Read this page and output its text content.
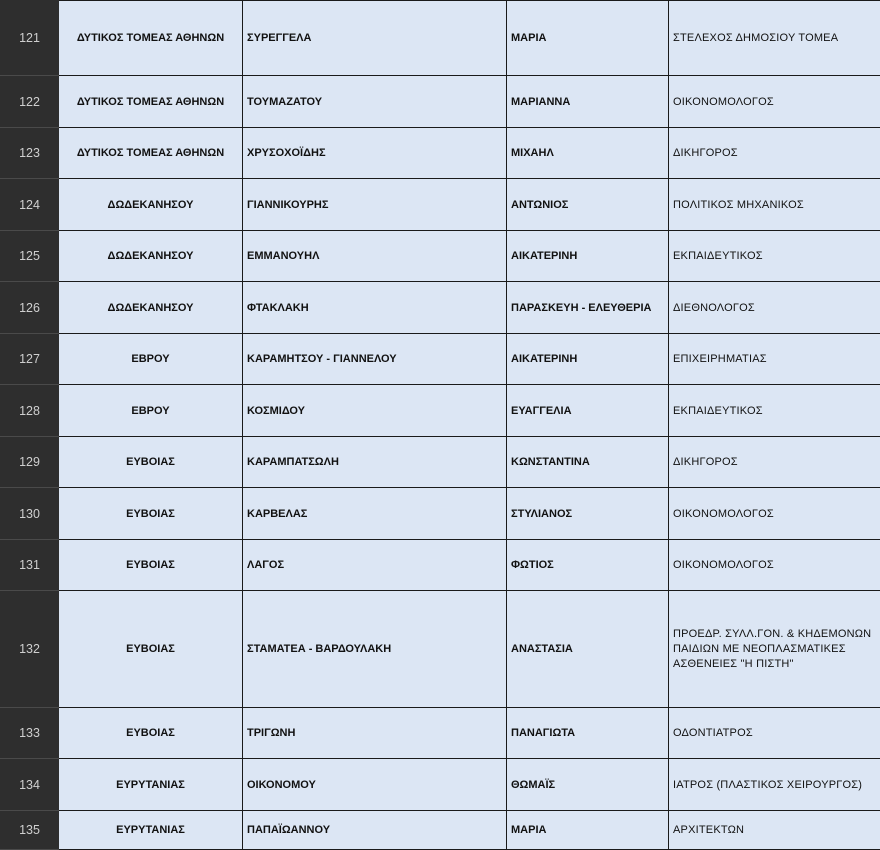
121	ΔΥΤΙΚΟΣ ΤΟΜΕΑΣ ΑΘΗΝΩΝ	ΣΥΡΕΓΓΕΛΑ	ΜΑΡΙΑ	ΣΤΕΛΕΧΟΣ ΔΗΜΟΣΙΟΥ ΤΟΜΕΑ
122	ΔΥΤΙΚΟΣ ΤΟΜΕΑΣ ΑΘΗΝΩΝ	ΤΟΥΜΑΖΑΤΟΥ	ΜΑΡΙΑΝΝΑ	ΟΙΚΟΝΟΜΟΛΟΓΟΣ
123	ΔΥΤΙΚΟΣ ΤΟΜΕΑΣ ΑΘΗΝΩΝ	ΧΡΥΣΟΧΟΪΔΗΣ	ΜΙΧΑΗΛ	ΔΙΚΗΓΟΡΟΣ
124	ΔΩΔΕΚΑΝΗΣΟΥ	ΓΙΑΝΝΙΚΟΥΡΗΣ	ΑΝΤΩΝΙΟΣ	ΠΟΛΙΤΙΚΟΣ ΜΗΧΑΝΙΚΟΣ
125	ΔΩΔΕΚΑΝΗΣΟΥ	ΕΜΜΑΝΟΥΗΛ	ΑΙΚΑΤΕΡΙΝΗ	ΕΚΠΑΙΔΕΥΤΙΚΟΣ
126	ΔΩΔΕΚΑΝΗΣΟΥ	ΦΤΑΚΛΑΚΗ	ΠΑΡΑΣΚΕΥΗ - ΕΛΕΥΘΕΡΙΑ	ΔΙΕΘΝΟΛΟΓΟΣ
127	ΕΒΡΟΥ	ΚΑΡΑΜΗΤΣΟΥ - ΓΙΑΝΝΕΛΟΥ	ΑΙΚΑΤΕΡΙΝΗ	ΕΠΙΧΕΙΡΗΜΑΤΙΑΣ
128	ΕΒΡΟΥ	ΚΟΣΜΙΔΟΥ	ΕΥΑΓΓΕΛΙΑ	ΕΚΠΑΙΔΕΥΤΙΚΟΣ
129	ΕΥΒΟΙΑΣ	ΚΑΡΑΜΠΑΤΣΩΛΗ	ΚΩΝΣΤΑΝΤΙΝΑ	ΔΙΚΗΓΟΡΟΣ
130	ΕΥΒΟΙΑΣ	ΚΑΡΒΕΛΑΣ	ΣΤΥΛΙΑΝΟΣ	ΟΙΚΟΝΟΜΟΛΟΓΟΣ
131	ΕΥΒΟΙΑΣ	ΛΑΓΟΣ	ΦΩΤΙΟΣ	ΟΙΚΟΝΟΜΟΛΟΓΟΣ
132	ΕΥΒΟΙΑΣ	ΣΤΑΜΑΤΕΑ - ΒΑΡΔΟΥΛΑΚΗ	ΑΝΑΣΤΑΣΙΑ	ΠΡΟΕΔΡ. ΣΥΛΛ.ΓΟΝ. & ΚΗΔΕΜΟΝΩΝ ΠΑΙΔΙΩΝ ΜΕ ΝΕΟΠΛΑΣΜΑΤΙΚΕΣ ΑΣΘΕΝΕΙΕΣ "Η ΠΙΣΤΗ"
133	ΕΥΒΟΙΑΣ	ΤΡΙΓΩΝΗ	ΠΑΝΑΓΙΩΤΑ	ΟΔΟΝΤΙΑΤΡΟΣ
134	ΕΥΡΥΤΑΝΙΑΣ	ΟΙΚΟΝΟΜΟΥ	ΘΩΜΑΪΣ	ΙΑΤΡΟΣ (ΠΛΑΣΤΙΚΟΣ ΧΕΙΡΟΥΡΓΟΣ)
135	ΕΥΡΥΤΑΝΙΑΣ	ΠΑΠΑΪΩΑΝΝΟΥ	ΜΑΡΙΑ	ΑΡΧΙΤΕΚΤΩΝ
